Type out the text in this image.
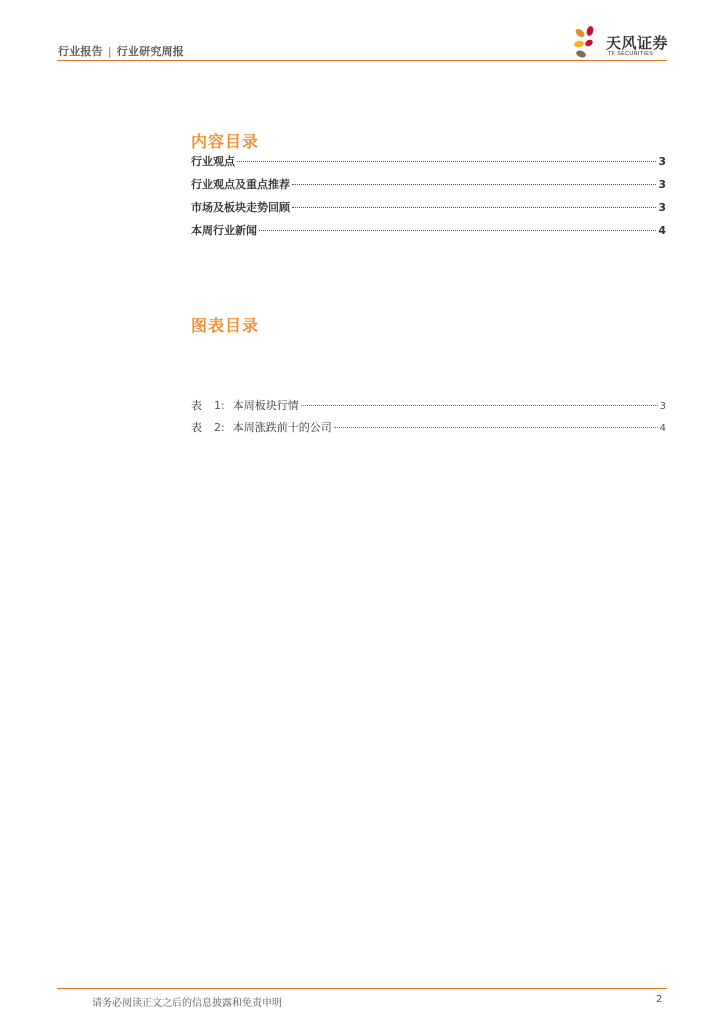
行业报告 | 行业研究周报	天风证券
TF SECURITIES
内容目录
行业观点	3
行业观点及重点推荐	3
市场及板块走势回顾	3
本周行业新闻	4
图表目录
表 1: 本周板块行情	3
表 2: 本周涨跌前十的公司	4
请务必阅读正文之后的信息披露和免责申明	2
